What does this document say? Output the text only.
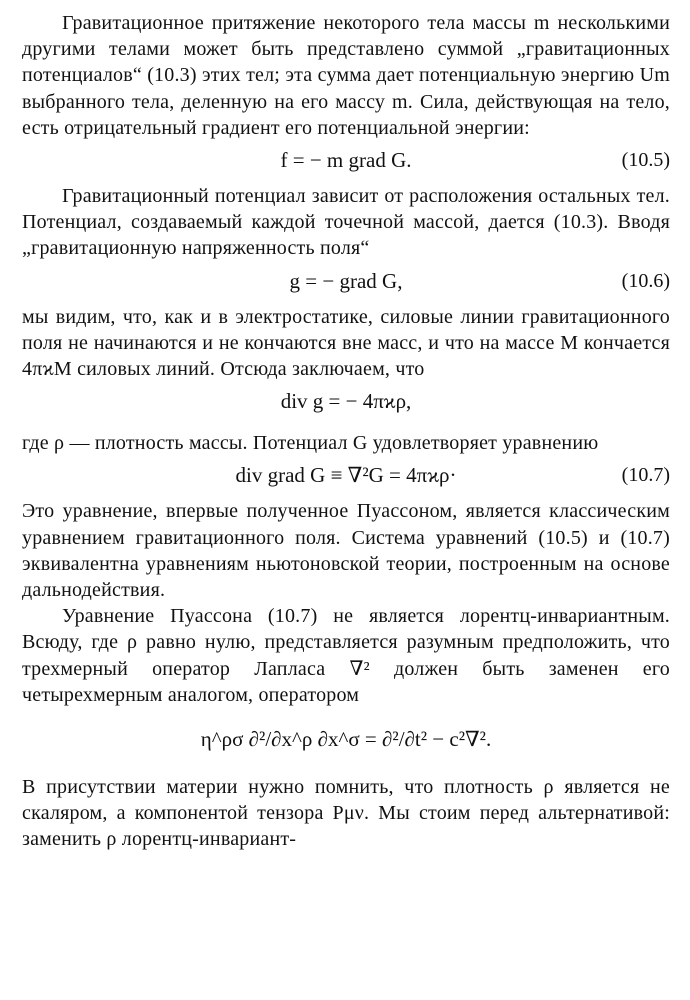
Гравитационное притяжение некоторого тела массы m несколькими другими телами может быть представлено суммой „гравитационных потенциалов“ (10.3) этих тел; эта сумма дает потенциальную энергию Um выбранного тела, деленную на его массу m. Сила, действующая на тело, есть отрицательный градиент его потенциальной энергии:

f = − m grad G.	(10.5)

Гравитационный потенциал зависит от расположения остальных тел. Потенциал, создаваемый каждой точечной массой, дается (10.3). Вводя „гравитационную напряженность поля“

g = − grad G,	(10.6)

мы видим, что, как и в электростатике, силовые линии гравитационного поля не начинаются и не кончаются вне масс, и что на массе M кончается 4πϰM силовых линий. Отсюда заключаем, что

div g = − 4πϰρ,

где ρ — плотность массы. Потенциал G удовлетворяет уравнению

div grad G ≡ ∇²G = 4πϰρ·	(10.7)

Это уравнение, впервые полученное Пуассоном, является классическим уравнением гравитационного поля. Система уравнений (10.5) и (10.7) эквивалентна уравнениям ньютоновской теории, построенным на основе дальнодействия.

Уравнение Пуассона (10.7) не является лорентц-инвариантным. Всюду, где ρ равно нулю, представляется разумным предположить, что трехмерный оператор Лапласа ∇² должен быть заменен его четырехмерным аналогом, оператором

η^ρσ ∂²/∂x^ρ ∂x^σ = ∂²/∂t² − c²∇².

В присутствии материи нужно помнить, что плотность ρ является не скаляром, а компонентой тензора Pμν. Мы стоим перед альтернативой: заменить ρ лорентц-инвариант-
